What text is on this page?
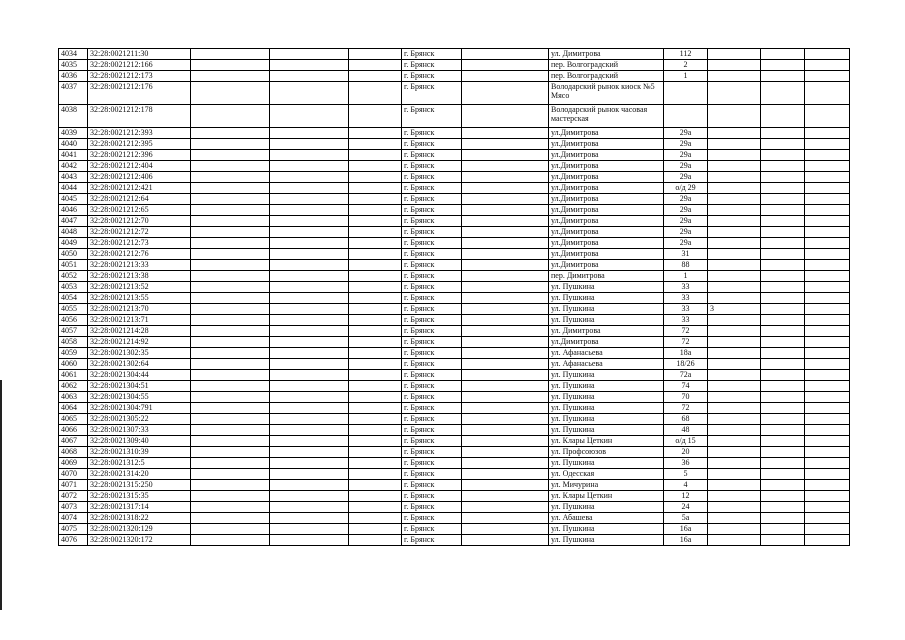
4034	32:28:0021211:30				г. Брянск		ул. Димитрова	112			
4035	32:28:0021212:166				г. Брянск		пер. Волгоградский	2			
4036	32:28:0021212:173				г. Брянск		пер. Волгоградский	1			
4037	32:28:0021212:176				г. Брянск		Володарский рынок киоск №5 Мясо				
4038	32:28:0021212:178				г. Брянск		Володарский рынок часовая мастерская				
4039	32:28:0021212:393				г. Брянск		ул.Димитрова	29а			
4040	32:28:0021212:395				г. Брянск		ул.Димитрова	29а			
4041	32:28:0021212:396				г. Брянск		ул.Димитрова	29а			
4042	32:28:0021212:404				г. Брянск		ул.Димитрова	29а			
4043	32:28:0021212:406				г. Брянск		ул.Димитрова	29а			
4044	32:28:0021212:421				г. Брянск		ул.Димитрова	о/д 29			
4045	32:28:0021212:64				г. Брянск		ул.Димитрова	29а			
4046	32:28:0021212:65				г. Брянск		ул.Димитрова	29а			
4047	32:28:0021212:70				г. Брянск		ул.Димитрова	29а			
4048	32:28:0021212:72				г. Брянск		ул.Димитрова	29а			
4049	32:28:0021212:73				г. Брянск		ул.Димитрова	29а			
4050	32:28:0021212:76				г. Брянск		ул.Димитрова	31			
4051	32:28:0021213:33				г. Брянск		ул.Димитрова	88			
4052	32:28:0021213:38				г. Брянск		пер. Димитрова	1			
4053	32:28:0021213:52				г. Брянск		ул. Пушкина	33			
4054	32:28:0021213:55				г. Брянск		ул. Пушкина	33			
4055	32:28:0021213:70				г. Брянск		ул. Пушкина	33	3		
4056	32:28:0021213:71				г. Брянск		ул. Пушкина	33			
4057	32:28:0021214:28				г. Брянск		ул. Димитрова	72			
4058	32:28:0021214:92				г. Брянск		ул.Димитрова	72			
4059	32:28:0021302:35				г. Брянск		ул. Афанасьева	18а			
4060	32:28:0021302:64				г. Брянск		ул. Афанасьева	18/26			
4061	32:28:0021304:44				г. Брянск		ул. Пушкина	72а			
4062	32:28:0021304:51				г. Брянск		ул. Пушкина	74			
4063	32:28:0021304:55				г. Брянск		ул. Пушкина	70			
4064	32:28:0021304:791				г. Брянск		ул. Пушкина	72			
4065	32:28:0021305:22				г. Брянск		ул. Пушкина	68			
4066	32:28:0021307:33				г. Брянск		ул. Пушкина	48			
4067	32:28:0021309:40				г. Брянск		ул. Клары Цеткин	о/д 15			
4068	32:28:0021310:39				г. Брянск		ул. Профсоюзов	20			
4069	32:28:0021312:5				г. Брянск		ул. Пушкина	36			
4070	32:28:0021314:20				г. Брянск		ул. Одесская	5			
4071	32:28:0021315:250				г. Брянск		ул. Мичурина	4			
4072	32:28:0021315:35				г. Брянск		ул. Клары Цеткин	12			
4073	32:28:0021317:14				г. Брянск		ул. Пушкина	24			
4074	32:28:0021318:22				г. Брянск		ул. Абашева	5а			
4075	32:28:0021320:129				г. Брянск		ул. Пушкина	16а			
4076	32:28:0021320:172				г. Брянск		ул. Пушкина	16а			
